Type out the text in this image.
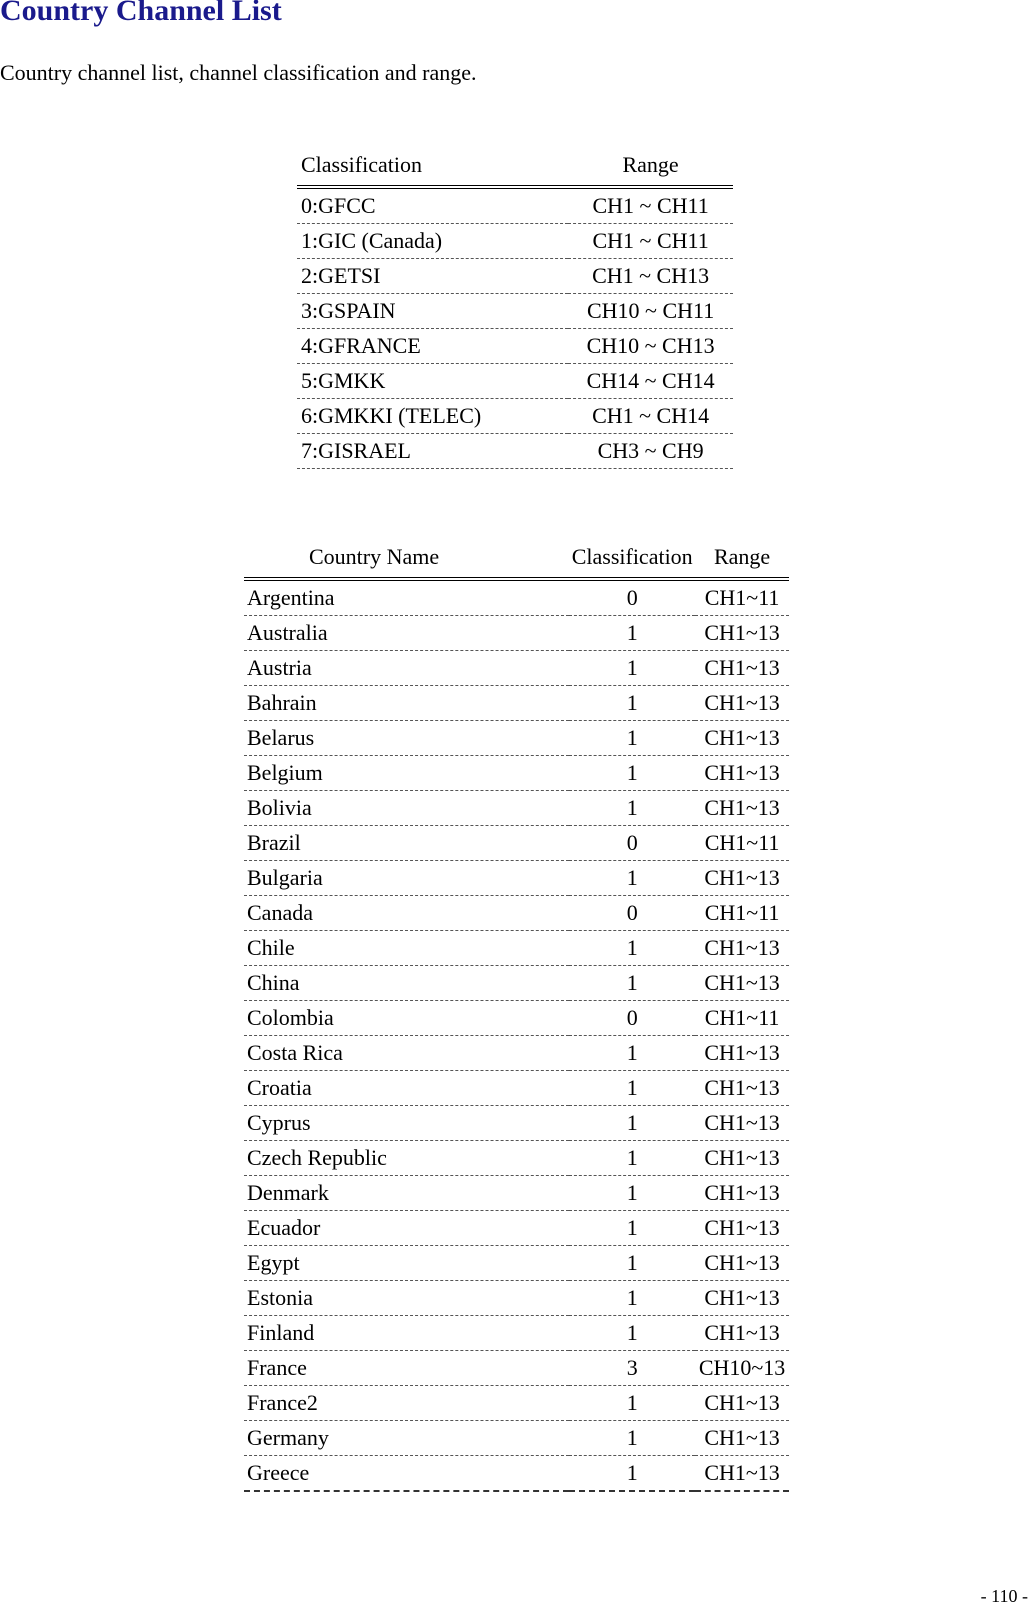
Country Channel List

Country channel list, channel classification and range.

Classification	Range
0:GFCC	CH1 ~ CH11
1:GIC (Canada)	CH1 ~ CH11
2:GETSI	CH1 ~ CH13
3:GSPAIN	CH10 ~ CH11
4:GFRANCE	CH10 ~ CH13
5:GMKK	CH14 ~ CH14
6:GMKKI (TELEC)	CH1 ~ CH14
7:GISRAEL	CH3 ~ CH9
Country Name	Classification	Range
Argentina	0	CH1~11
Australia	1	CH1~13
Austria	1	CH1~13
Bahrain	1	CH1~13
Belarus	1	CH1~13
Belgium	1	CH1~13
Bolivia	1	CH1~13
Brazil	0	CH1~11
Bulgaria	1	CH1~13
Canada	0	CH1~11
Chile	1	CH1~13
China	1	CH1~13
Colombia	0	CH1~11
Costa Rica	1	CH1~13
Croatia	1	CH1~13
Cyprus	1	CH1~13
Czech Republic	1	CH1~13
Denmark	1	CH1~13
Ecuador	1	CH1~13
Egypt	1	CH1~13
Estonia	1	CH1~13
Finland	1	CH1~13
France	3	CH10~13
France2	1	CH1~13
Germany	1	CH1~13
Greece	1	CH1~13

- 110 -
